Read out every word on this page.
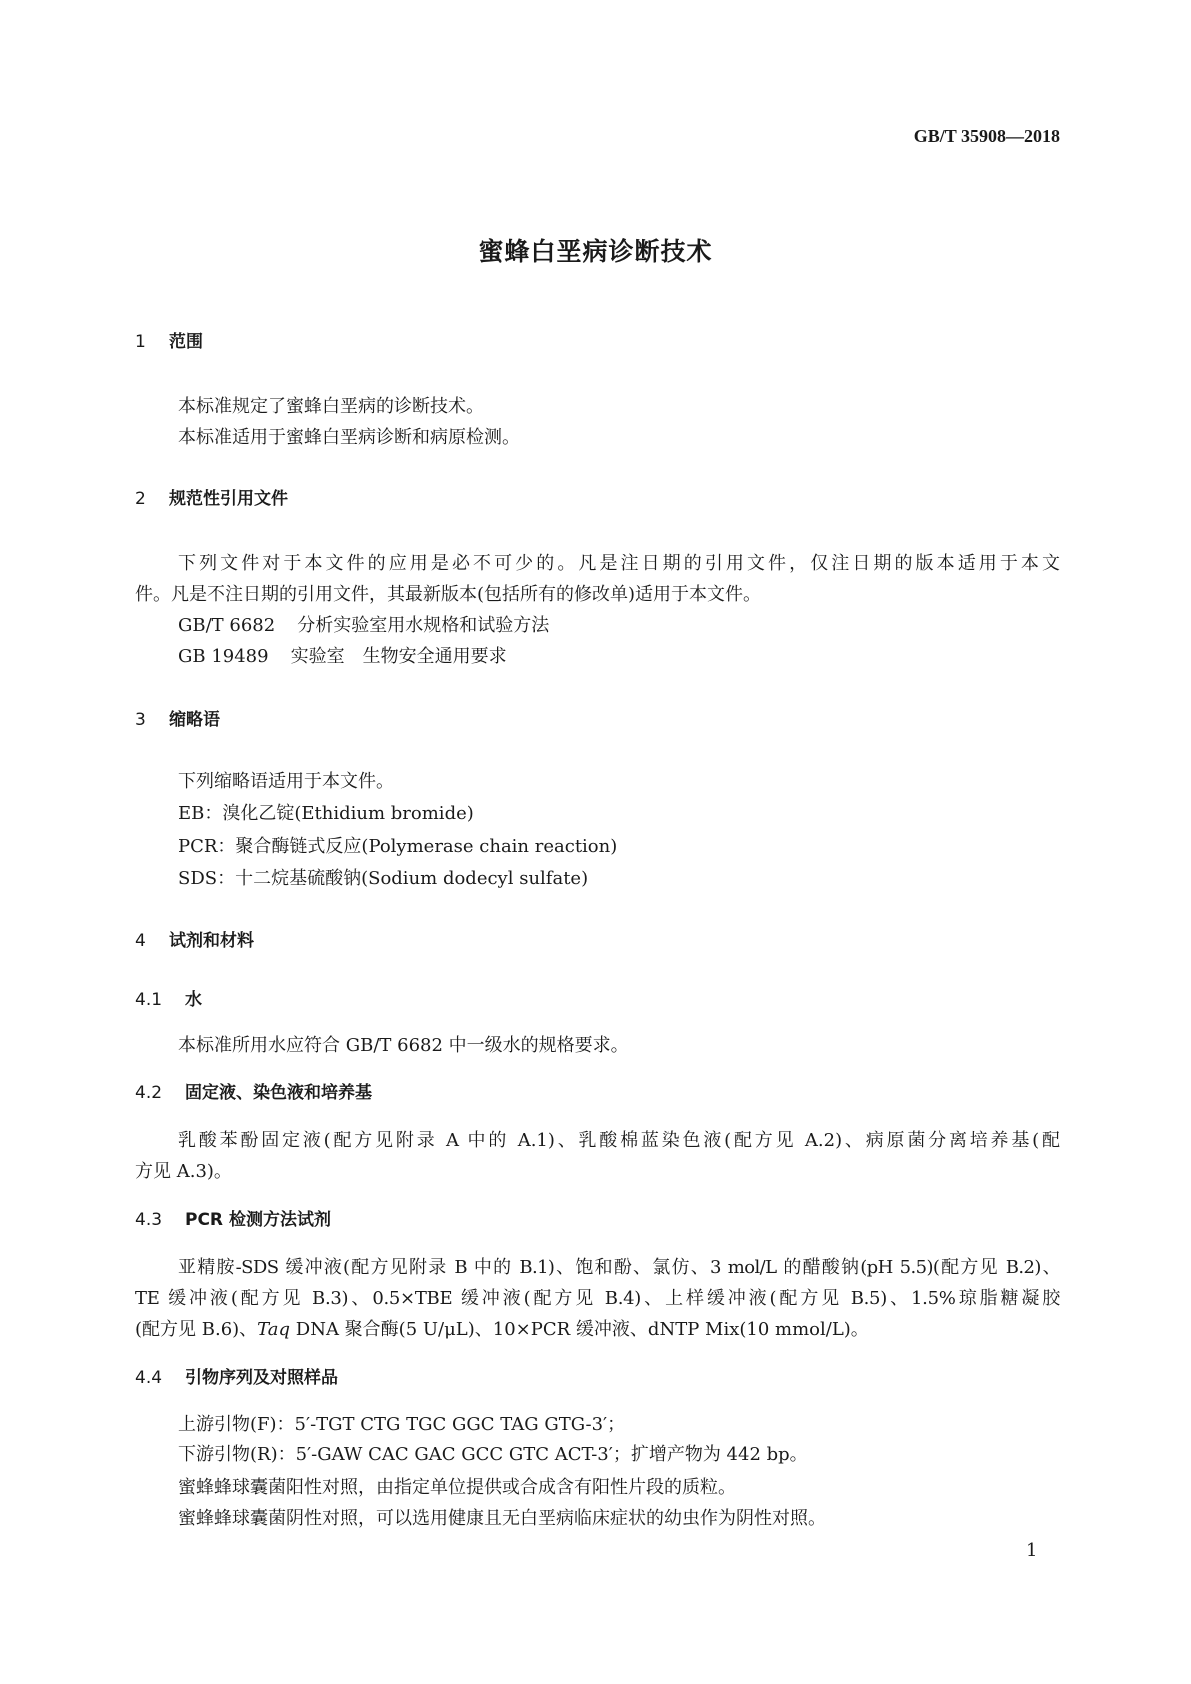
GB/T 35908—2018
蜜蜂白垩病诊断技术
1 范围
本标准规定了蜜蜂白垩病的诊断技术。
本标准适用于蜜蜂白垩病诊断和病原检测。
2 规范性引用文件
下列文件对于本文件的应用是必不可少的。凡是注日期的引用文件，仅注日期的版本适用于本文
件。凡是不注日期的引用文件，其最新版本(包括所有的修改单)适用于本文件。
GB/T 6682 分析实验室用水规格和试验方法
GB 19489 实验室　生物安全通用要求
3 缩略语
下列缩略语适用于本文件。
EB：溴化乙锭(Ethidium bromide)
PCR：聚合酶链式反应(Polymerase chain reaction)
SDS：十二烷基硫酸钠(Sodium dodecyl sulfate)
4 试剂和材料
4.1 水
本标准所用水应符合 GB/T 6682 中一级水的规格要求。
4.2 固定液、染色液和培养基
乳酸苯酚固定液(配方见附录 A 中的 A.1)、乳酸棉蓝染色液(配方见 A.2)、病原菌分离培养基(配
方见 A.3)。
4.3 PCR 检测方法试剂
亚精胺-SDS 缓冲液(配方见附录 B 中的 B.1)、饱和酚、氯仿、3 mol/L 的醋酸钠(pH 5.5)(配方见 B.2)、
TE 缓冲液(配方见 B.3)、0.5×TBE 缓冲液(配方见 B.4)、上样缓冲液(配方见 B.5)、1.5%琼脂糖凝胶
(配方见 B.6)、Taq DNA 聚合酶(5 U/μL)、10×PCR 缓冲液、dNTP Mix(10 mmol/L)。
4.4 引物序列及对照样品
上游引物(F)：5′-TGT CTG TGC GGC TAG GTG-3′；
下游引物(R)：5′-GAW CAC GAC GCC GTC ACT-3′；扩增产物为 442 bp。
蜜蜂蜂球囊菌阳性对照，由指定单位提供或合成含有阳性片段的质粒。
蜜蜂蜂球囊菌阴性对照，可以选用健康且无白垩病临床症状的幼虫作为阴性对照。
1
